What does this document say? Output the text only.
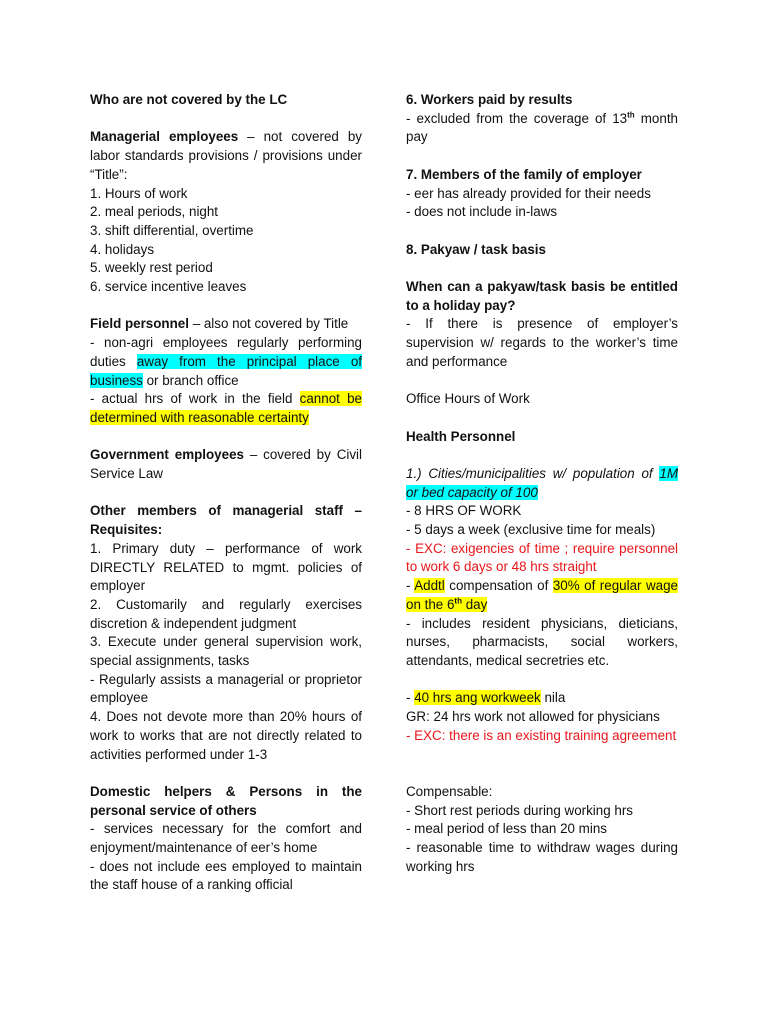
Who are not covered by the LC

Managerial employees – not covered by labor standards provisions / provisions under “Title”:

1. Hours of work

2. meal periods, night

3. shift differential, overtime

4. holidays

5. weekly rest period

6. service incentive leaves

Field personnel – also not covered by Title

- non-agri employees regularly performing duties away from the principal place of business or branch office

- actual hrs of work in the field cannot be determined with reasonable certainty

Government employees – covered by Civil Service Law

Other members of managerial staff – Requisites:

1. Primary duty – performance of work DIRECTLY RELATED to mgmt. policies of employer

2. Customarily and regularly exercises discretion & independent judgment

3. Execute under general supervision work, special assignments, tasks

- Regularly assists a managerial or proprietor employee

4. Does not devote more than 20% hours of work to works that are not directly related to activities performed under 1-3

Domestic helpers & Persons in the personal service of others

- services necessary for the comfort and enjoyment/maintenance of eer’s home

- does not include ees employed to maintain the staff house of a ranking official

6. Workers paid by results

- excluded from the coverage of 13th month pay

7. Members of the family of employer

- eer has already provided for their needs

- does not include in-laws

8. Pakyaw / task basis

When can a pakyaw/task basis be entitled to a holiday pay?

- If there is presence of employer’s supervision w/ regards to the worker’s time and performance

Office Hours of Work

Health Personnel

1.) Cities/municipalities w/ population of 1M or bed capacity of 100

- 8 HRS OF WORK

- 5 days a week (exclusive time for meals)

- EXC: exigencies of time ; require personnel to work 6 days or 48 hrs straight

- Addtl compensation of 30% of regular wage on the 6th day

- includes resident physicians, dieticians, nurses, pharmacists, social workers, attendants, medical secretries etc.

- 40 hrs ang workweek nila

GR: 24 hrs work not allowed for physicians

- EXC: there is an existing training agreement

Compensable:

- Short rest periods during working hrs

- meal period of less than 20 mins

- reasonable time to withdraw wages during working hrs
